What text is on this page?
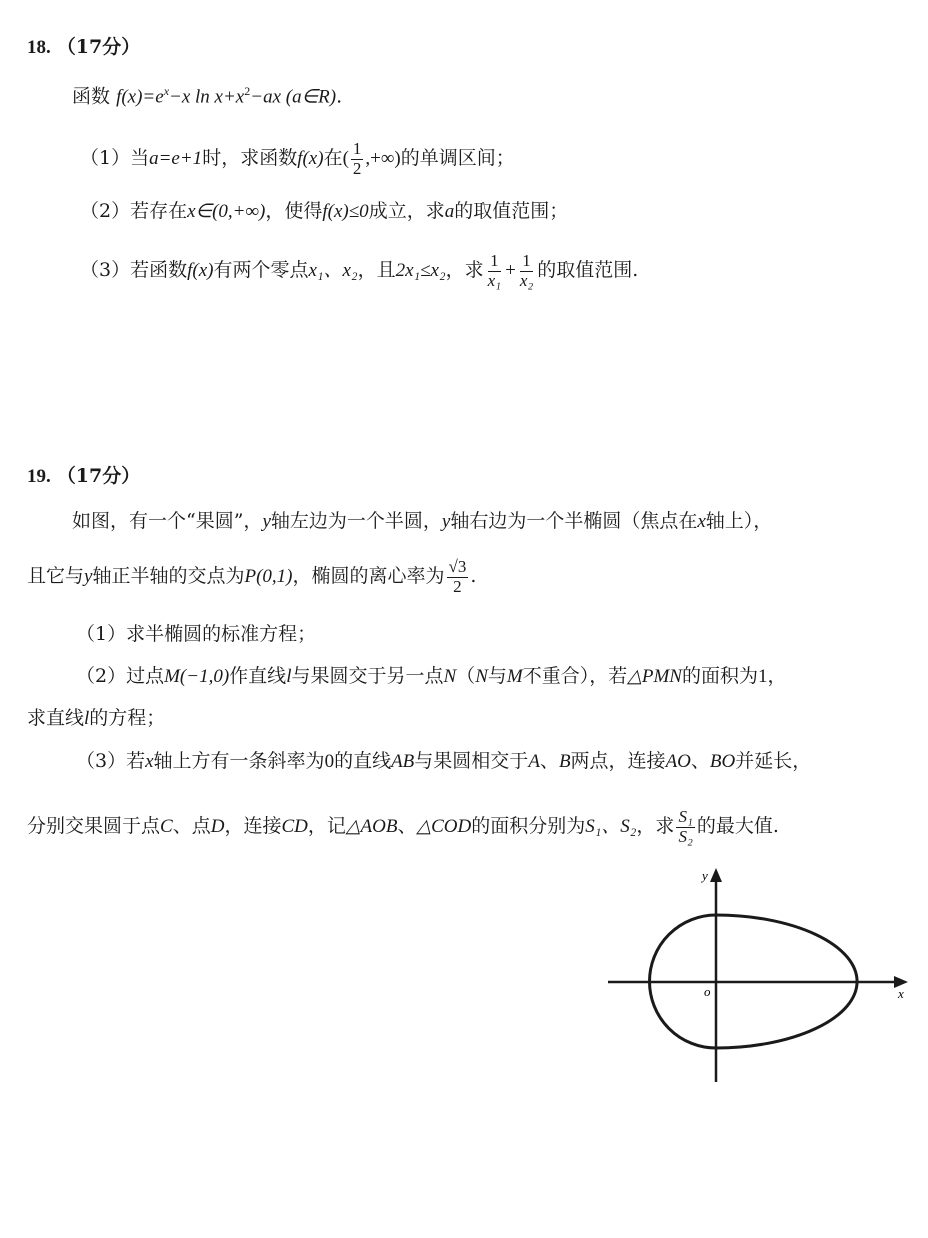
18. （17分）
函数 $f(x)=e^x-x$ $\ln x+x^2-ax$ (a∈R).
（1）当a=e+1时，求函数f(x)在( $\frac{1}{2}$ ,+∞)的单调区间；
（2）若存在x∈(0,+∞)，使得f(x)≤0成立，求a的取值范围；
（3）若函数f(x)有两个零点x₁、x₂，且2x₁≤x₂，求 $\frac{1}{\text{x₁}} + \frac{1}{\text{x₂}}$ 的取值范围.
19. （17分）
如图，有一个“果圆”，y轴左边为一个半圆，y轴右边为一个半椭圆（焦点在x轴上），
且它与y轴正半轴的交点为P(0,1)，椭圆的离心率为 $\frac{√3}{2}$ .
（1）求半椭圆的标准方程；
（2）过点M(−1,0)作直线l与果圆交于另一点N（N与M不重合），若△PMN的面积为1，
求直线l的方程；
（3）若x轴上方有一条斜率为0的直线AB与果圆相交于A、B两点，连接AO、BO并延长，
分别交果圆于点C、点D，连接CD，记△AOB、△COD的面积分别为S₁、S₂，求 $\frac{\text{S₁}}{\text{S₂}}$ 的最大值.
y
x
o
